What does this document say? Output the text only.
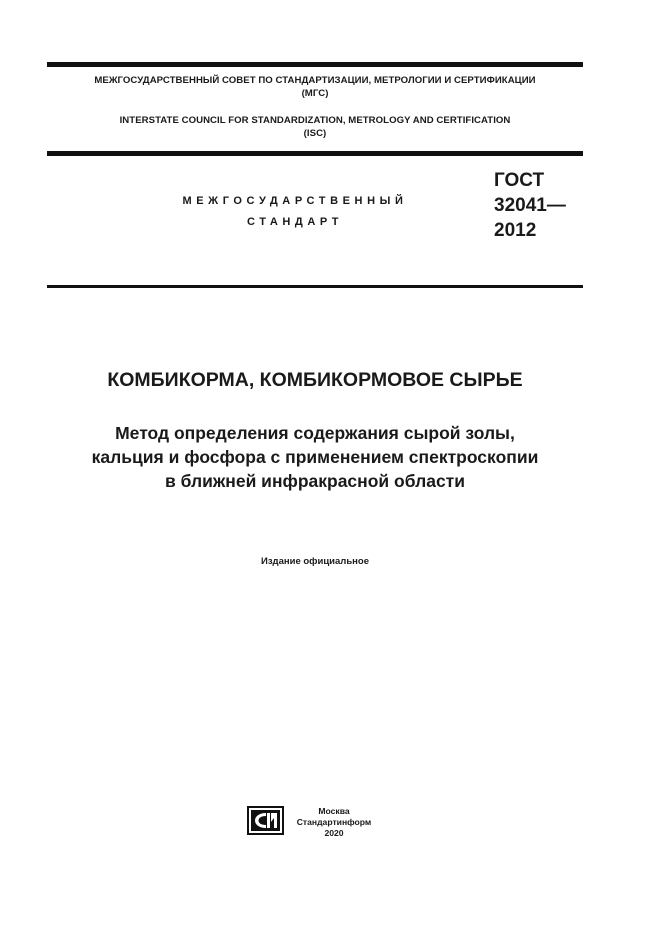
МЕЖГОСУДАРСТВЕННЫЙ СОВЕТ ПО СТАНДАРТИЗАЦИИ, МЕТРОЛОГИИ И СЕРТИФИКАЦИИ
(МГС)
INTERSTATE COUNCIL FOR STANDARDIZATION, METROLOGY AND CERTIFICATION
(ISC)
МЕЖГОСУДАРСТВЕННЫЙ
СТАНДАРТ
ГОСТ
32041—
2012
КОМБИКОРМА, КОМБИКОРМОВОЕ СЫРЬЕ
Метод определения содержания сырой золы,
кальция и фосфора с применением спектроскопии
в ближней инфракрасной области
Издание официальное
Москва
Стандартинформ
2020
